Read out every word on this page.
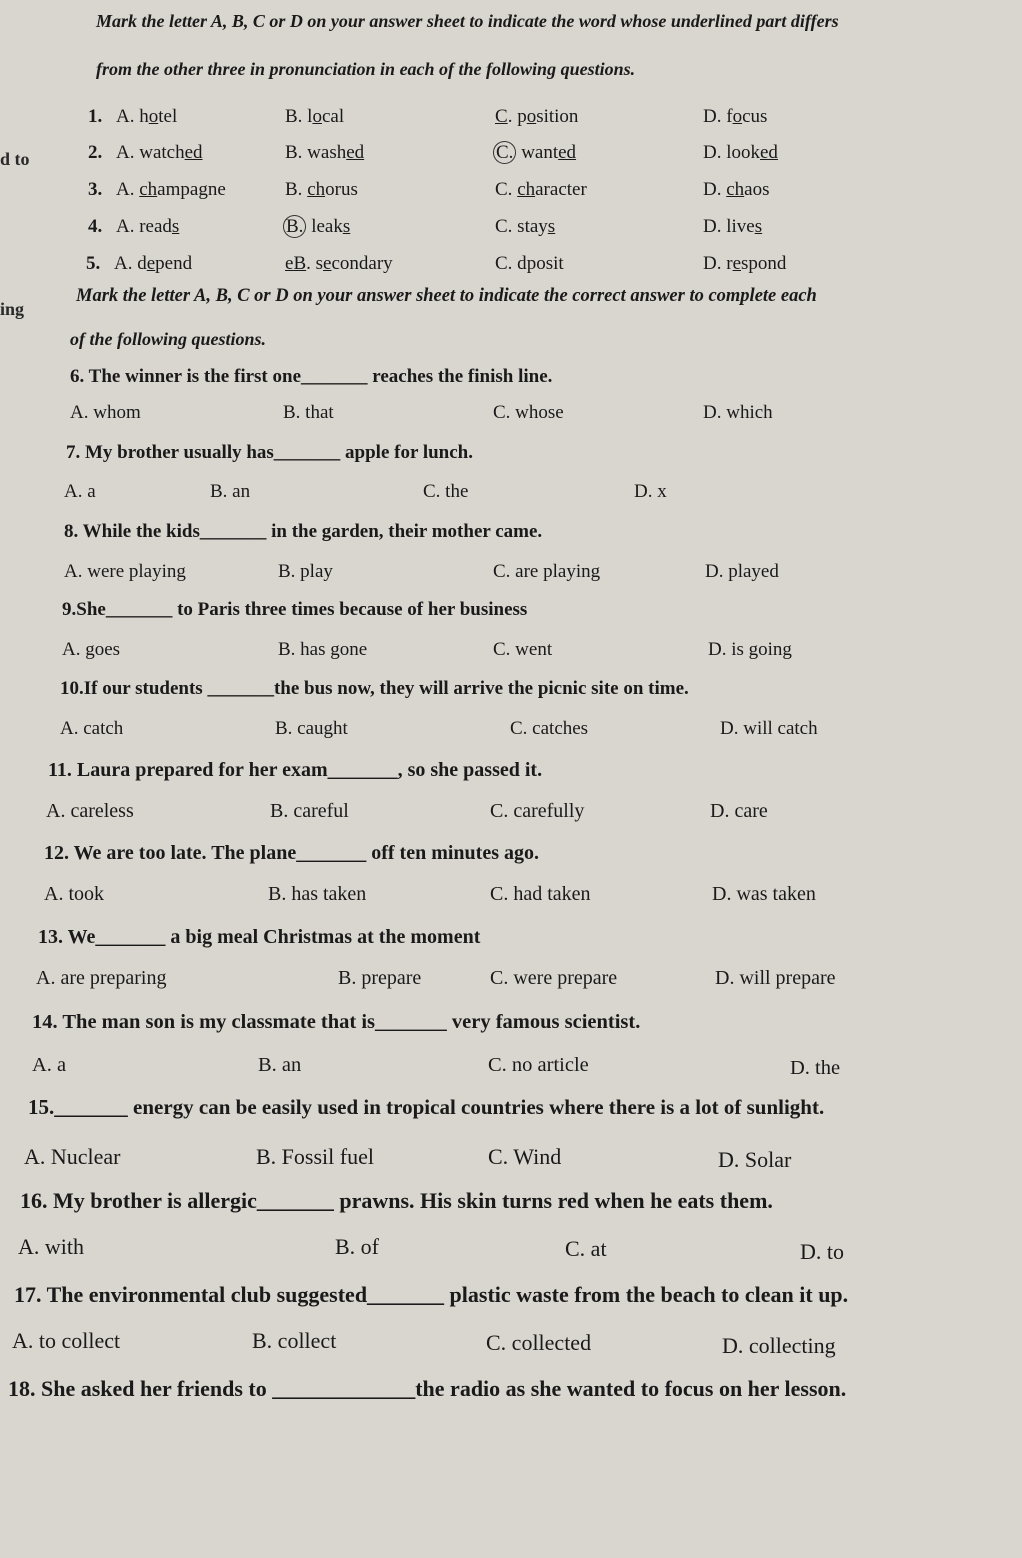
Mark the letter A, B, C or D on your answer sheet to indicate the word whose underlined part differs
from the other three in pronunciation in each of the following questions.
d to
ing
1. A. hotel	B. local	C. position	D. focus
2. A. watched	B. washed	C. wanted	D. looked
3. A. champagne	B. chorus	C. character	D. chaos
4. A. reads	B. leaks	C. stays	D. lives
5. A. depend	eB. secondary	C. dposit	D. respond
Mark the letter A, B, C or D on your answer sheet to indicate the correct answer to complete each
of the following questions.
6. The winner is the first one_______ reaches the finish line.
A. whom	B. that	C. whose	D. which
7. My brother usually has_______ apple for lunch.
A. a	B. an	C. the	D. x
8. While the kids_______ in the garden, their mother came.
A. were playing	B. play	C. are playing	D. played
9.She_______ to Paris three times because of her business
A. goes	B. has gone	C. went	D. is going
10.If our students _______the bus now, they will arrive the picnic site on time.
A. catch	B. caught	C. catches	D. will catch
11. Laura prepared for her exam_______, so she passed it.
A. careless	B. careful	C. carefully	D. care
12. We are too late. The plane_______ off ten minutes ago.
A. took	B. has taken	C. had taken	D. was taken
13. We_______ a big meal Christmas at the moment
A. are preparing	B. prepare	C. were prepare	D. will prepare
14. The man son is my classmate that is_______ very famous scientist.
A. a	B. an	C. no article	D. the
15._______ energy can be easily used in tropical countries where there is a lot of sunlight.
A. Nuclear	B. Fossil fuel	C. Wind	D. Solar
16. My brother is allergic_______ prawns. His skin turns red when he eats them.
A. with	B. of	C. at	D. to
17. The environmental club suggested_______ plastic waste from the beach to clean it up.
A. to collect	B. collect	C. collected	D. collecting
18. She asked her friends to _____________the radio as she wanted to focus on her lesson.
